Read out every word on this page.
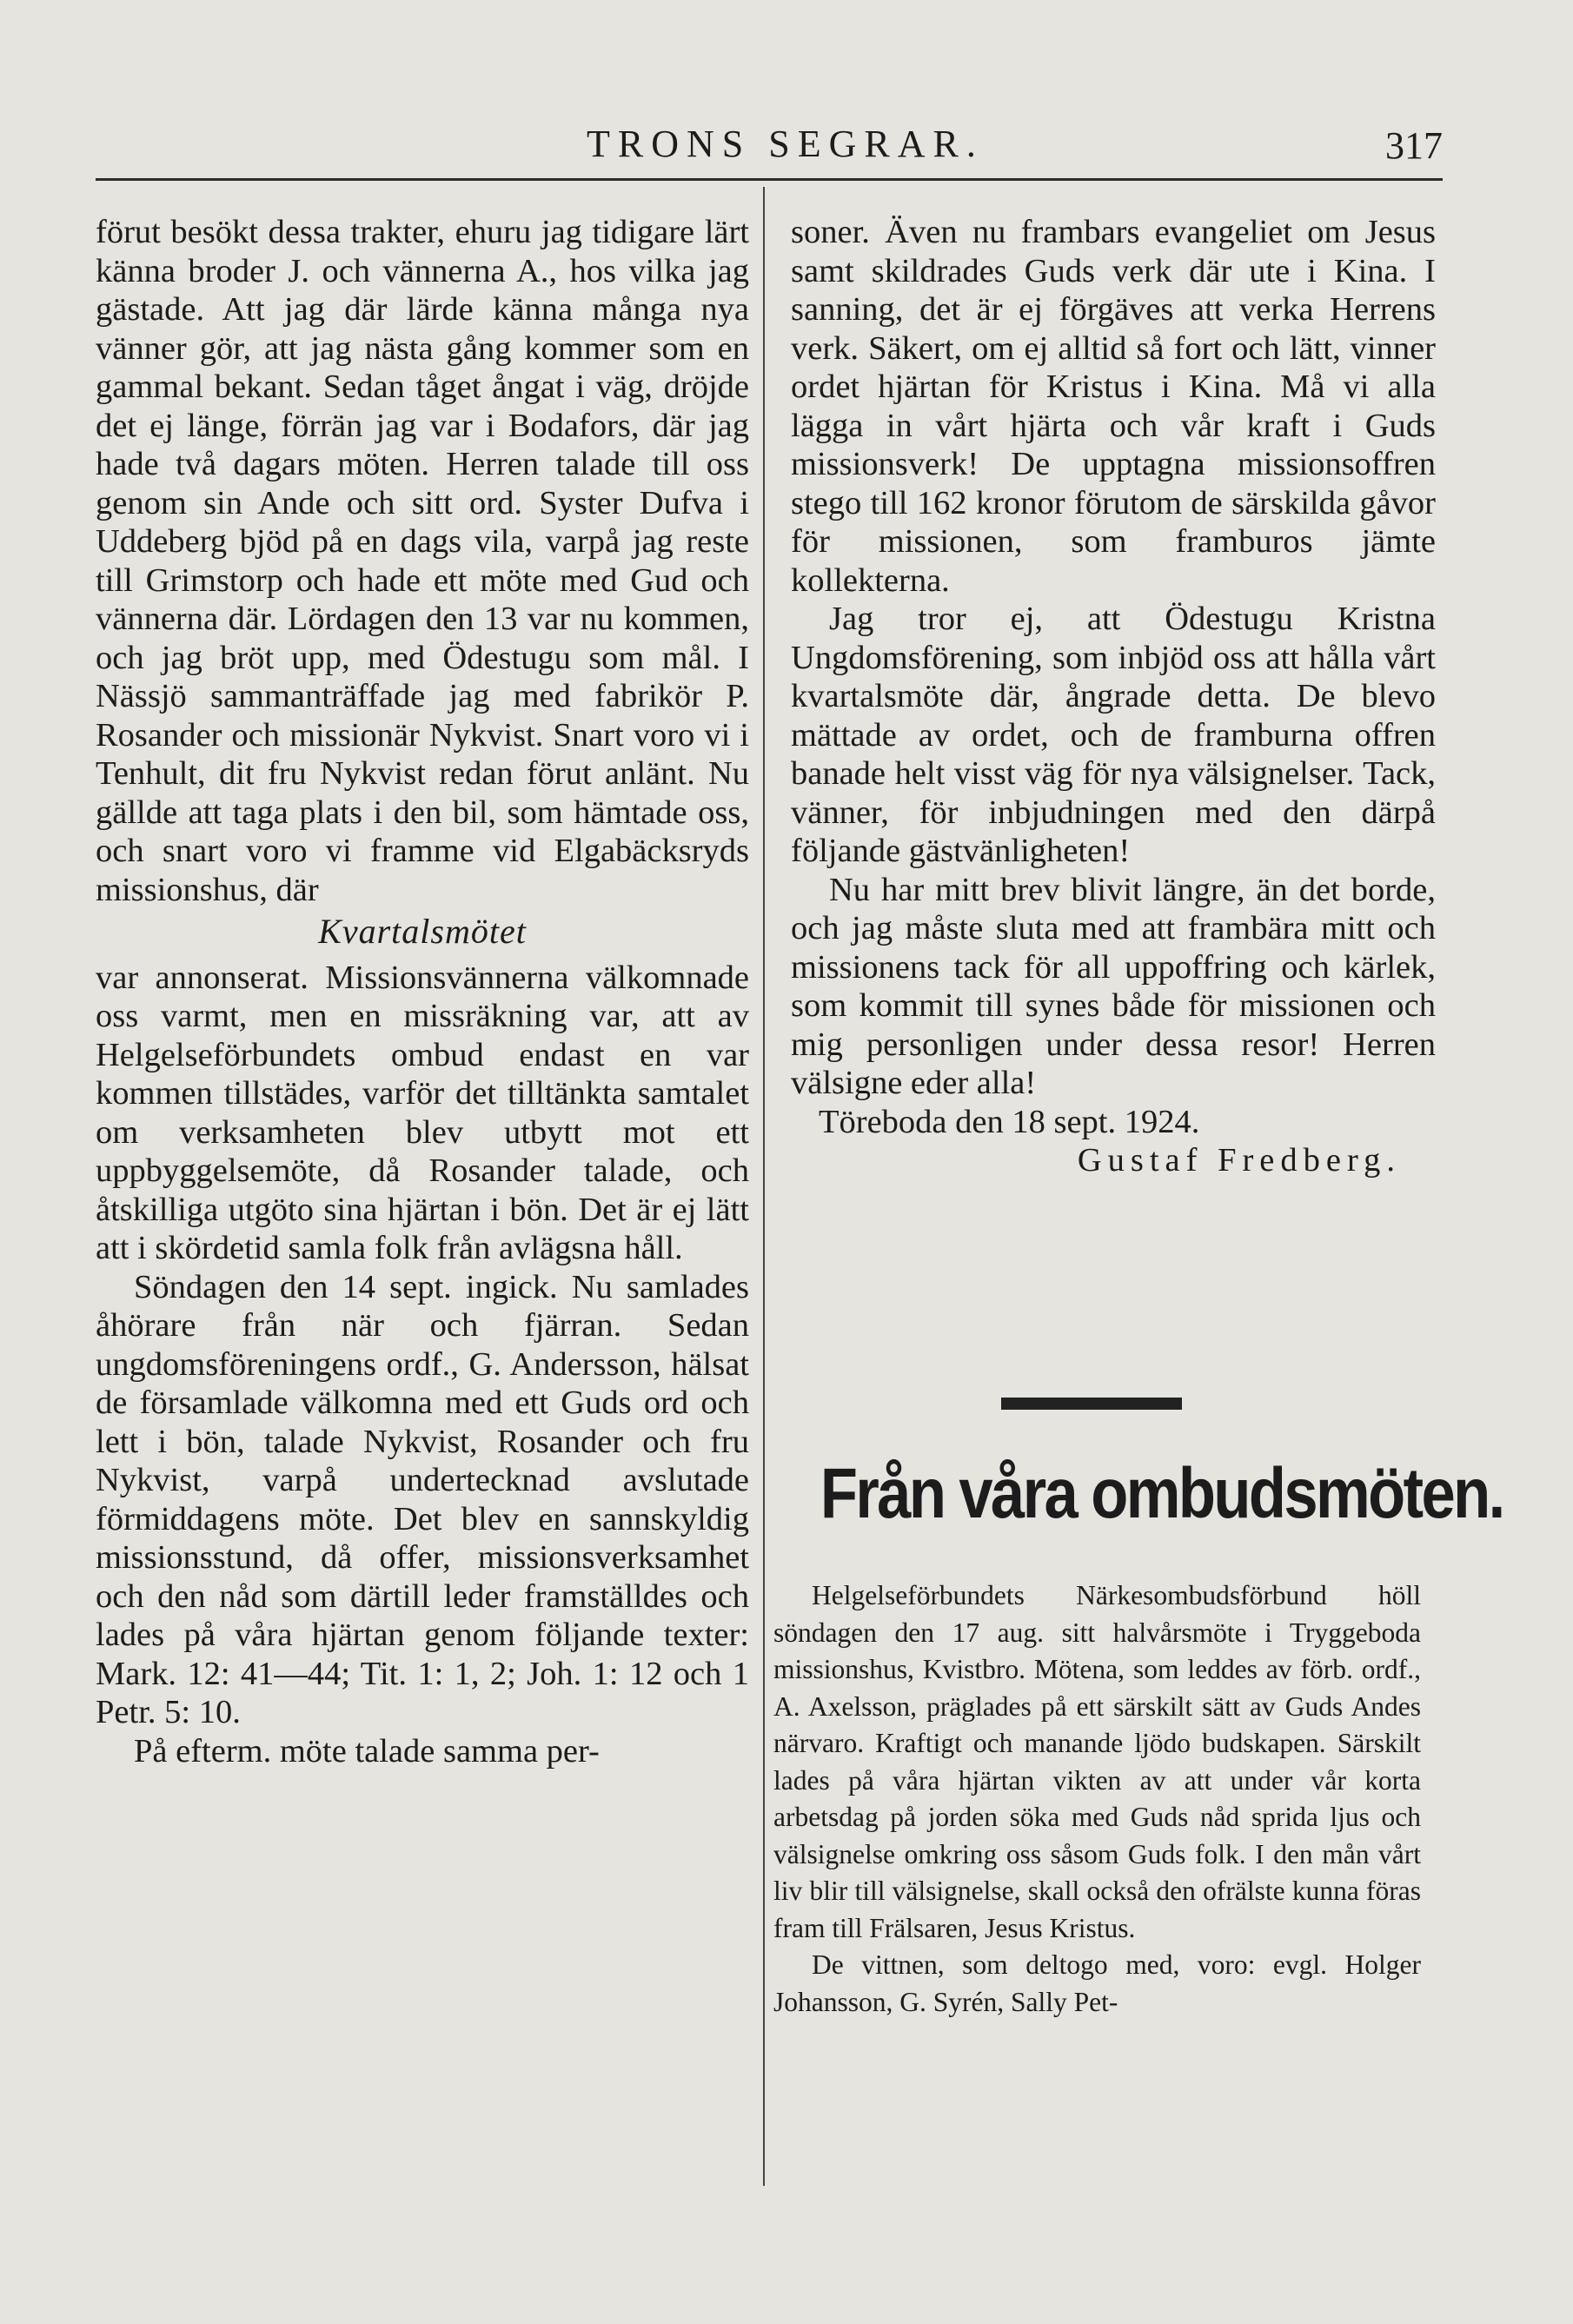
TRONS SEGRAR.	317

förut besökt dessa trakter, ehuru jag tidigare lärt känna broder J. och vännerna A., hos vilka jag gästade. Att jag där lärde känna många nya vänner gör, att jag nästa gång kommer som en gammal bekant. Sedan tåget ångat i väg, dröjde det ej länge, förrän jag var i Bodafors, där jag hade två dagars möten. Herren talade till oss genom sin Ande och sitt ord. Syster Dufva i Uddeberg bjöd på en dags vila, varpå jag reste till Grimstorp och hade ett möte med Gud och vännerna där. Lördagen den 13 var nu kommen, och jag bröt upp, med Ödestugu som mål. I Nässjö sammanträffade jag med fabrikör P. Rosander och missionär Nykvist. Snart voro vi i Tenhult, dit fru Nykvist redan förut anlänt. Nu gällde att taga plats i den bil, som hämtade oss, och snart voro vi framme vid Elgabäcksryds missionshus, där

Kvartalsmötet

var annonserat. Missionsvännerna välkomnade oss varmt, men en missräkning var, att av Helgelseförbundets ombud endast en var kommen tillstädes, varför det tilltänkta samtalet om verksamheten blev utbytt mot ett uppbyggelsemöte, då Rosander talade, och åtskilliga utgöto sina hjärtan i bön. Det är ej lätt att i skördetid samla folk från avlägsna håll.

Söndagen den 14 sept. ingick. Nu samlades åhörare från när och fjärran. Sedan ungdomsföreningens ordf., G. Andersson, hälsat de församlade välkomna med ett Guds ord och lett i bön, talade Nykvist, Rosander och fru Nykvist, varpå undertecknad avslutade förmiddagens möte. Det blev en sannskyldig missionsstund, då offer, missionsverksamhet och den nåd som därtill leder framställdes och lades på våra hjärtan genom följande texter: Mark. 12: 41—44; Tit. 1: 1, 2; Joh. 1: 12 och 1 Petr. 5: 10.

På efterm. möte talade samma per-

soner. Även nu frambars evangeliet om Jesus samt skildrades Guds verk där ute i Kina. I sanning, det är ej förgäves att verka Herrens verk. Säkert, om ej alltid så fort och lätt, vinner ordet hjärtan för Kristus i Kina. Må vi alla lägga in vårt hjärta och vår kraft i Guds missionsverk! De upptagna missionsoffren stego till 162 kronor förutom de särskilda gåvor för missionen, som framburos jämte kollekterna.

Jag tror ej, att Ödestugu Kristna Ungdomsförening, som inbjöd oss att hålla vårt kvartalsmöte där, ångrade detta. De blevo mättade av ordet, och de framburna offren banade helt visst väg för nya välsignelser. Tack, vänner, för inbjudningen med den därpå följande gästvänligheten!

Nu har mitt brev blivit längre, än det borde, och jag måste sluta med att frambära mitt och missionens tack för all uppoffring och kärlek, som kommit till synes både för missionen och mig personligen under dessa resor! Herren välsigne eder alla!

Töreboda den 18 sept. 1924.

Gustaf Fredberg.

Från våra ombudsmöten.

Helgelseförbundets Närkesombudsförbund höll söndagen den 17 aug. sitt halvårsmöte i Tryggeboda missionshus, Kvistbro. Mötena, som leddes av förb. ordf., A. Axelsson, präglades på ett särskilt sätt av Guds Andes närvaro. Kraftigt och manande ljödo budskapen. Särskilt lades på våra hjärtan vikten av att under vår korta arbetsdag på jorden söka med Guds nåd sprida ljus och välsignelse omkring oss såsom Guds folk. I den mån vårt liv blir till välsignelse, skall också den ofrälste kunna föras fram till Frälsaren, Jesus Kristus.

De vittnen, som deltogo med, voro: evgl. Holger Johansson, G. Syrén, Sally Pet-
